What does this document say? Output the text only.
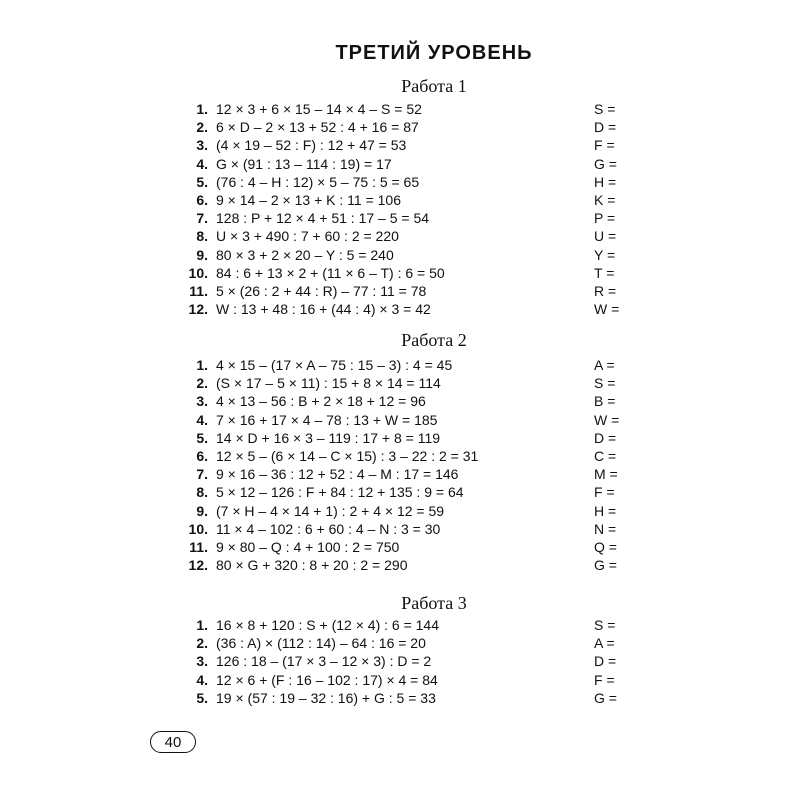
ТРЕТИЙ УРОВЕНЬ
Работа 1
1. 12 × 3 + 6 × 15 – 14 × 4 – S = 52	S =
2. 6 × D – 2 × 13 + 52 : 4 + 16 = 87	D =
3. (4 × 19 – 52 : F) : 12 + 47 = 53	F =
4. G × (91 : 13 – 114 : 19) = 17	G =
5. (76 : 4 – H : 12) × 5 – 75 : 5 = 65	H =
6. 9 × 14 – 2 × 13 + K : 11 = 106	K =
7. 128 : P + 12 × 4 + 51 : 17 – 5 = 54	P =
8. U × 3 + 490 : 7 + 60 : 2 = 220	U =
9. 80 × 3 + 2 × 20 – Y : 5 = 240	Y =
10. 84 : 6 + 13 × 2 + (11 × 6 – T) : 6 = 50	T =
11. 5 × (26 : 2 + 44 : R) – 77 : 11 = 78	R =
12. W : 13 + 48 : 16 + (44 : 4) × 3 = 42	W =
Работа 2
1. 4 × 15 – (17 × A – 75 : 15 – 3) : 4 = 45	A =
2. (S × 17 – 5 × 11) : 15 + 8 × 14 = 114	S =
3. 4 × 13 – 56 : B + 2 × 18 + 12 = 96	B =
4. 7 × 16 + 17 × 4 – 78 : 13 + W = 185	W =
5. 14 × D + 16 × 3 – 119 : 17 + 8 = 119	D =
6. 12 × 5 – (6 × 14 – C × 15) : 3 – 22 : 2 = 31	C =
7. 9 × 16 – 36 : 12 + 52 : 4 – M : 17 = 146	M =
8. 5 × 12 – 126 : F + 84 : 12 + 135 : 9 = 64	F =
9. (7 × H – 4 × 14 + 1) : 2 + 4 × 12 = 59	H =
10. 11 × 4 – 102 : 6 + 60 : 4 – N : 3 = 30	N =
11. 9 × 80 – Q : 4 + 100 : 2 = 750	Q =
12. 80 × G + 320 : 8 + 20 : 2 = 290	G =
Работа 3
1. 16 × 8 + 120 : S + (12 × 4) : 6 = 144	S =
2. (36 : A) × (112 : 14) – 64 : 16 = 20	A =
3. 126 : 18 – (17 × 3 – 12 × 3) : D = 2	D =
4. 12 × 6 + (F : 16 – 102 : 17) × 4 = 84	F =
5. 19 × (57 : 19 – 32 : 16) + G : 5 = 33	G =
40
